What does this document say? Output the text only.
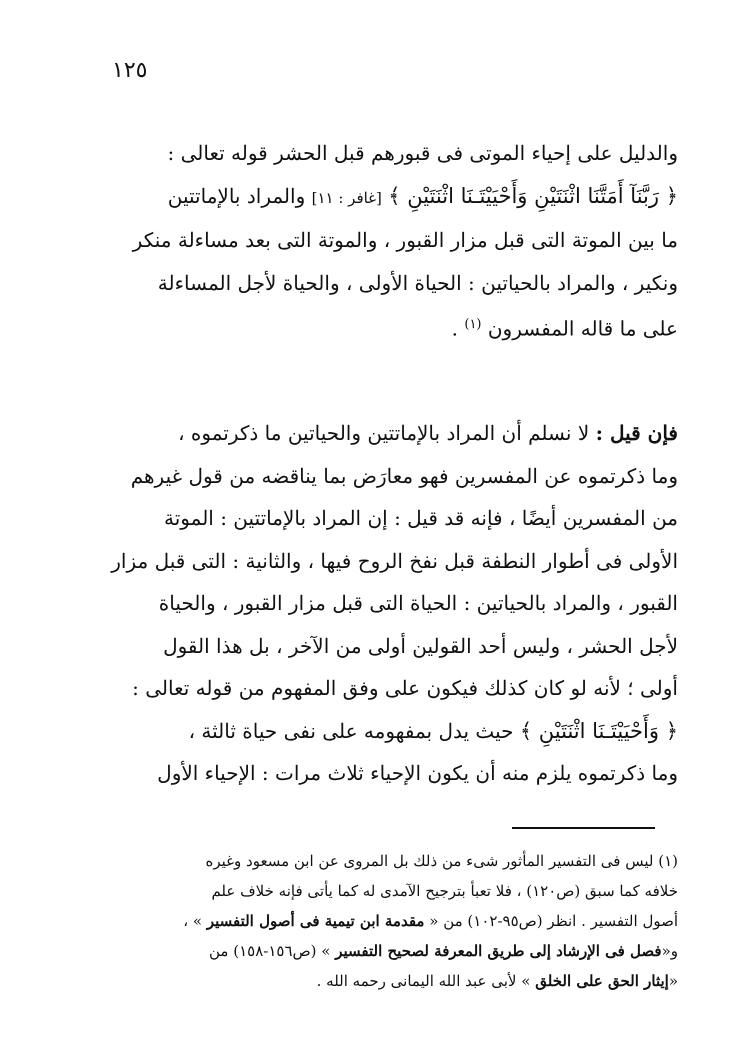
١٢٥
والدليل على إحياء الموتى فى قبورهم قبل الحشر قوله تعالى :
﴿ رَبَّنَآ أَمَتَّنَا اثْنَتَيْنِ وَأَحْيَيْتَـنَا اثْنَتَيْنِ ﴾ [غافر : ١١] والمراد بالإماتتين
ما بين الموتة التى قبل مزار القبور ، والموتة التى بعد مساءلة منكر
ونكير ، والمراد بالحياتين : الحياة الأولى ، والحياة لأجل المساءلة
على ما قاله المفسرون $^{(١)}$ .
فإن قيل : لا نسلم أن المراد بالإماتتين والحياتين ما ذكرتموه ،
وما ذكرتموه عن المفسرين فهو معارَض بما يناقضه من قول غيرهم
من المفسرين أيضًا ، فإنه قد قيل : إن المراد بالإماتتين : الموتة
الأولى فى أطوار النطفة قبل نفخ الروح فيها ، والثانية : التى قبل مزار
القبور ، والمراد بالحياتين : الحياة التى قبل مزار القبور ، والحياة
لأجل الحشر ، وليس أحد القولين أولى من الآخر ، بل هذا القول
أولى ؛ لأنه لو كان كذلك فيكون على وفق المفهوم من قوله تعالى :
﴿ وَأَحْيَيْتَـنَا اثْنَتَيْنِ ﴾ حيث يدل بمفهومه على نفى حياة ثالثة ،
وما ذكرتموه يلزم منه أن يكون الإحياء ثلاث مرات : الإحياء الأول
(١) ليس فى التفسير المأثور شىء من ذلك بل المروى عن ابن مسعود وغيره
خلافه كما سبق (ص١٢٠) ، فلا تعبأ بترجيح الآمدى له كما يأتى فإنه خلاف علم
أصول التفسير . انظر (ص٩٥-١٠٢) من « مقدمة ابن تيمية فى أصول التفسير » ،
و«فصل فى الإرشاد إلى طريق المعرفة لصحيح التفسير » (ص١٥٦-١٥٨) من
«إيثار الحق على الخلق » لأبى عبد الله اليمانى رحمه الله .
